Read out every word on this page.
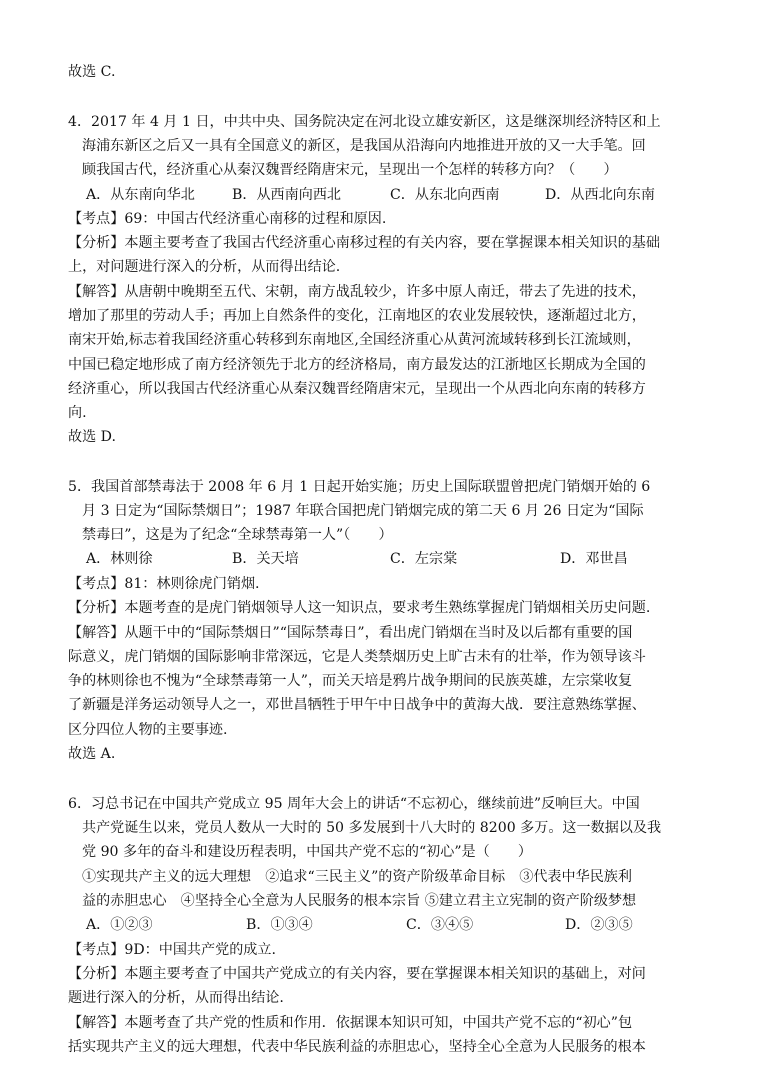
故选 C.
4．2017 年 4 月 1 日，中共中央、国务院决定在河北设立雄安新区，这是继深圳经济特区和上
海浦东新区之后又一具有全国意义的新区，是我国从沿海向内地推进开放的又一大手笔。回
顾我国古代，经济重心从秦汉魏晋经隋唐宋元，呈现出一个怎样的转移方向？（　　）
A．从东南向华北	B．从西南向西北	C．从东北向西南	D．从西北向东南
【考点】69：中国古代经济重心南移的过程和原因.
【分析】本题主要考查了我国古代经济重心南移过程的有关内容，要在掌握课本相关知识的基础
上，对问题进行深入的分析，从而得出结论.
【解答】从唐朝中晚期至五代、宋朝，南方战乱较少，许多中原人南迁，带去了先进的技术，
增加了那里的劳动人手；再加上自然条件的变化，江南地区的农业发展较快，逐渐超过北方，
南宋开始,标志着我国经济重心转移到东南地区,全国经济重心从黄河流域转移到长江流域则，
中国已稳定地形成了南方经济领先于北方的经济格局，南方最发达的江浙地区长期成为全国的
经济重心，所以我国古代经济重心从秦汉魏晋经隋唐宋元，呈现出一个从西北向东南的转移方
向.
故选 D.
5．我国首部禁毒法于 2008 年 6 月 1 日起开始实施；历史上国际联盟曾把虎门销烟开始的 6
月 3 日定为“国际禁烟日”；1987 年联合国把虎门销烟完成的第二天 6 月 26 日定为“国际
禁毒曰”，这是为了纪念“全球禁毒第一人”（　　）
A．林则徐	B．关天培	C．左宗棠	D．邓世昌
【考点】81：林则徐虎门销烟.
【分析】本题考查的是虎门销烟领导人这一知识点，要求考生熟练掌握虎门销烟相关历史问题.
【解答】从题干中的“国际禁烟日”“国际禁毒日”，看出虎门销烟在当时及以后都有重要的国
际意义，虎门销烟的国际影响非常深远，它是人类禁烟历史上旷古未有的壮举，作为领导该斗
争的林则徐也不愧为“全球禁毒第一人”，而关天培是鸦片战争期间的民族英雄，左宗棠收复
了新疆是洋务运动领导人之一，邓世昌牺牲于甲午中日战争中的黄海大战．要注意熟练掌握、
区分四位人物的主要事迹.
故选 A.
6．习总书记在中国共产党成立 95 周年大会上的讲话“不忘初心，继续前进”反响巨大。中国
共产党诞生以来，党员人数从一大时的 50 多发展到十八大时的 8200 多万。这一数据以及我
党 90 多年的奋斗和建设历程表明，中国共产党不忘的“初心”是（　　）
①实现共产主义的远大理想　②追求“三民主义”的资产阶级革命目标　③代表中华民族利
益的赤胆忠心　④坚持全心全意为人民服务的根本宗旨 ⑤建立君主立宪制的资产阶级梦想
A．①②③	B．①③④	C．③④⑤	D．②③⑤
【考点】9D：中国共产党的成立.
【分析】本题主要考查了中国共产党成立的有关内容，要在掌握课本相关知识的基础上，对问
题进行深入的分析，从而得出结论.
【解答】本题考查了共产党的性质和作用．依据课本知识可知，中国共产党不忘的“初心”包
括实现共产主义的远大理想，代表中华民族利益的赤胆忠心，坚持全心全意为人民服务的根本
